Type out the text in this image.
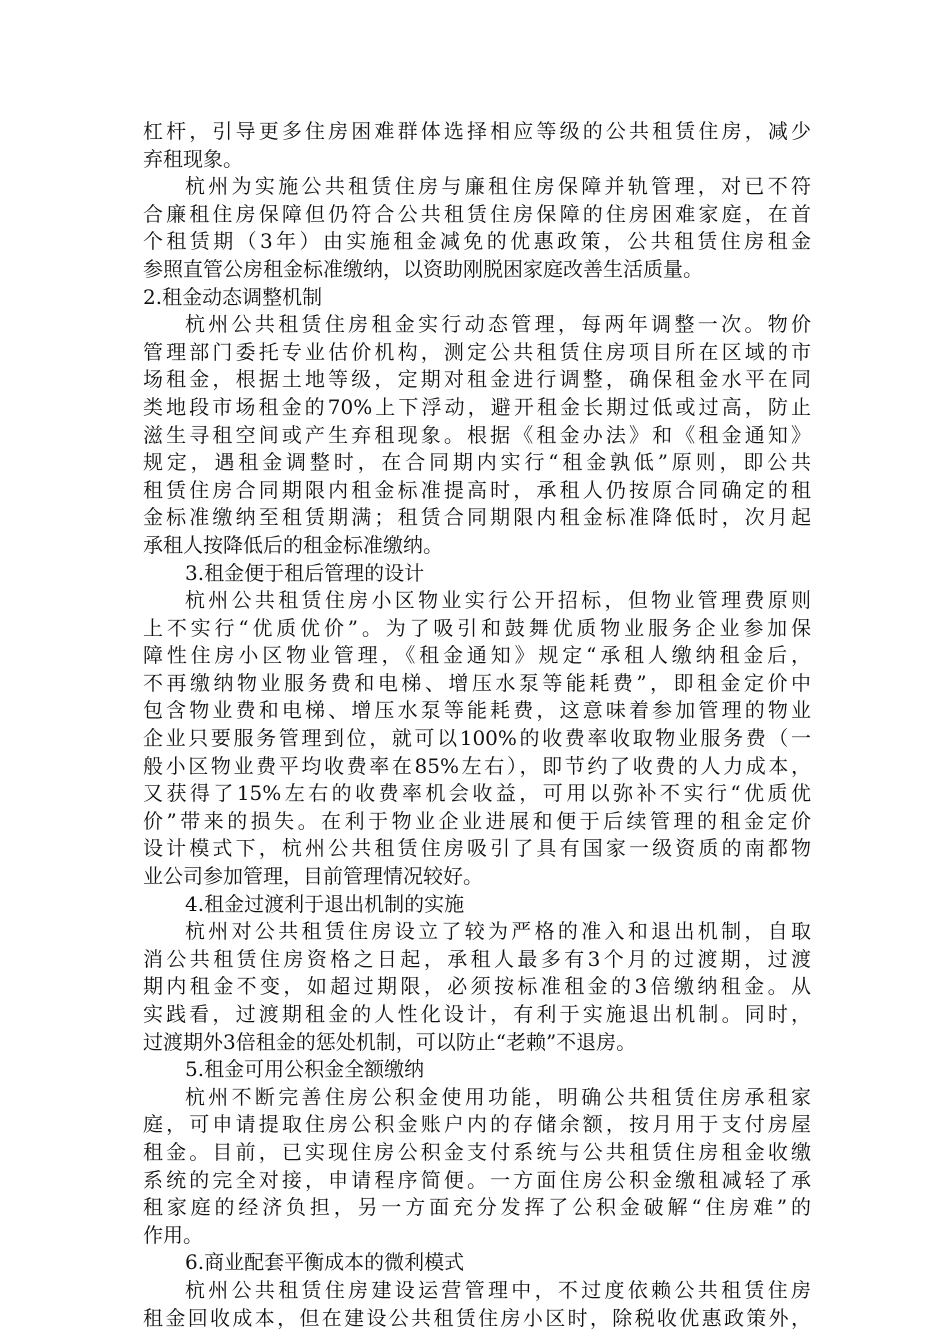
杠杆，引导更多住房困难群体选择相应等级的公共租赁住房，减少
弃租现象。
杭州为实施公共租赁住房与廉租住房保障并轨管理，对已不符
合廉租住房保障但仍符合公共租赁住房保障的住房困难家庭，在首
个租赁期（3年）由实施租金减免的优惠政策，公共租赁住房租金
参照直管公房租金标准缴纳，以资助刚脱困家庭改善生活质量。
2.租金动态调整机制
杭州公共租赁住房租金实行动态管理，每两年调整一次。物价
管理部门委托专业估价机构，测定公共租赁住房项目所在区域的市
场租金，根据土地等级，定期对租金进行调整，确保租金水平在同
类地段市场租金的70%上下浮动，避开租金长期过低或过高，防止
滋生寻租空间或产生弃租现象。根据《租金办法》和《租金通知》
规定，遇租金调整时，在合同期内实行“租金孰低”原则，即公共
租赁住房合同期限内租金标准提高时，承租人仍按原合同确定的租
金标准缴纳至租赁期满；租赁合同期限内租金标准降低时，次月起
承租人按降低后的租金标准缴纳。
3.租金便于租后管理的设计
杭州公共租赁住房小区物业实行公开招标，但物业管理费原则
上不实行“优质优价”。为了吸引和鼓舞优质物业服务企业参加保
障性住房小区物业管理，《租金通知》规定“承租人缴纳租金后，
不再缴纳物业服务费和电梯、增压水泵等能耗费”，即租金定价中
包含物业费和电梯、增压水泵等能耗费，这意味着参加管理的物业
企业只要服务管理到位，就可以100%的收费率收取物业服务费（一
般小区物业费平均收费率在85%左右），即节约了收费的人力成本，
又获得了15%左右的收费率机会收益，可用以弥补不实行“优质优
价”带来的损失。在利于物业企业进展和便于后续管理的租金定价
设计模式下，杭州公共租赁住房吸引了具有国家一级资质的南都物
业公司参加管理，目前管理情况较好。
4.租金过渡利于退出机制的实施
杭州对公共租赁住房设立了较为严格的准入和退出机制，自取
消公共租赁住房资格之日起，承租人最多有3个月的过渡期，过渡
期内租金不变，如超过期限，必须按标准租金的3倍缴纳租金。从
实践看，过渡期租金的人性化设计，有利于实施退出机制。同时，
过渡期外3倍租金的惩处机制，可以防止“老赖”不退房。
5.租金可用公积金全额缴纳
杭州不断完善住房公积金使用功能，明确公共租赁住房承租家
庭，可申请提取住房公积金账户内的存储余额，按月用于支付房屋
租金。目前，已实现住房公积金支付系统与公共租赁住房租金收缴
系统的完全对接，申请程序简便。一方面住房公积金缴租减轻了承
租家庭的经济负担，另一方面充分发挥了公积金破解“住房难”的
作用。
6.商业配套平衡成本的微利模式
杭州公共租赁住房建设运营管理中，不过度依赖公共租赁住房
租金回收成本，但在建设公共租赁住房小区时，除税收优惠政策外，
